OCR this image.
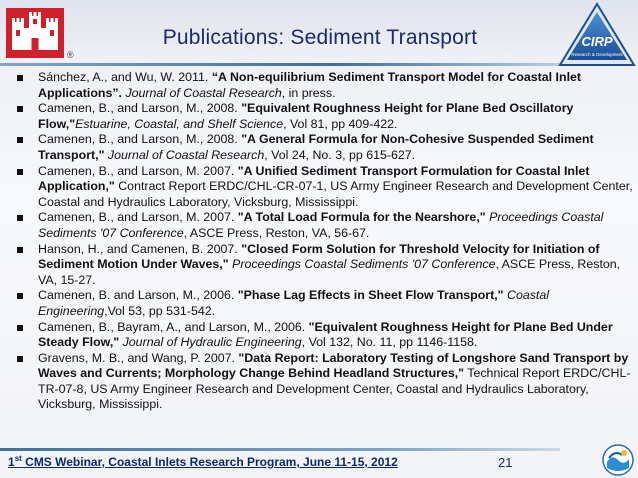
®
Publications: Sediment Transport	CIRP
Research & Development
Sánchez, A., and Wu, W. 2011. “A Non-equilibrium Sediment Transport Model for Coastal Inlet Applications”. Journal of Coastal Research, in press.
Camenen, B., and Larson, M., 2008. "Equivalent Roughness Height for Plane Bed Oscillatory Flow,"Estuarine, Coastal, and Shelf Science, Vol 81, pp 409-422.
Camenen, B., and Larson, M., 2008. "A General Formula for Non-Cohesive Suspended Sediment Transport," Journal of Coastal Research, Vol 24, No. 3, pp 615-627.
Camenen, B., and Larson, M. 2007. "A Unified Sediment Transport Formulation for Coastal Inlet Application," Contract Report ERDC/CHL-CR-07-1, US Army Engineer Research and Development Center, Coastal and Hydraulics Laboratory, Vicksburg, Mississippi.
Camenen, B., and Larson, M. 2007. "A Total Load Formula for the Nearshore," Proceedings Coastal Sediments '07 Conference, ASCE Press, Reston, VA, 56-67.
Hanson, H., and Camenen, B. 2007. "Closed Form Solution for Threshold Velocity for Initiation of Sediment Motion Under Waves," Proceedings Coastal Sediments '07 Conference, ASCE Press, Reston, VA, 15-27.
Camenen, B. and Larson, M., 2006. "Phase Lag Effects in Sheet Flow Transport," Coastal Engineering,Vol 53, pp 531-542.
Camenen, B., Bayram, A., and Larson, M., 2006. "Equivalent Roughness Height for Plane Bed Under Steady Flow," Journal of Hydraulic Engineering, Vol 132, No. 11, pp 1146-1158.
Gravens, M. B., and Wang, P. 2007. "Data Report: Laboratory Testing of Longshore Sand Transport by Waves and Currents; Morphology Change Behind Headland Structures," Technical Report ERDC/CHL-TR-07-8, US Army Engineer Research and Development Center, Coastal and Hydraulics Laboratory, Vicksburg, Mississippi.
1st CMS Webinar, Coastal Inlets Research Program, June 11-15, 2012	21
